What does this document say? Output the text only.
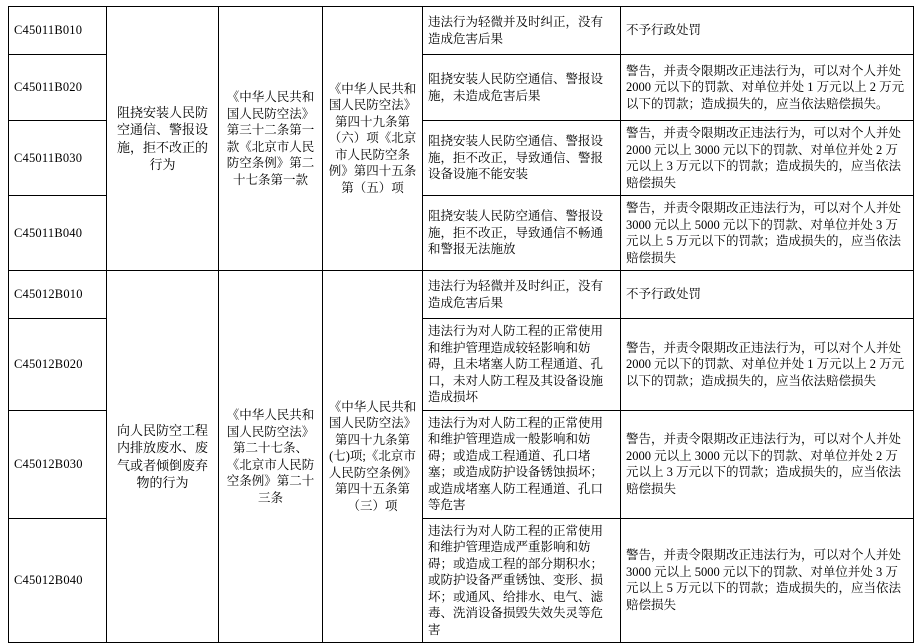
C45011B010	阻挠安装人民防空通信、警报设施，拒不改正的行为	《中华人民共和国人民防空法》第三十二条第一款《北京市人民防空条例》第二十七条第一款	《中华人民共和国人民防空法》第四十九条第（六）项《北京市人民防空条例》第四十五条第（五）项	违法行为轻微并及时纠正，没有造成危害后果	不予行政处罚
C45011B020				阻挠安装人民防空通信、警报设施，未造成危害后果	警告，并责令限期改正违法行为，可以对个人并处 2000 元以下的罚款、对单位并处 1 万元以上 2 万元以下的罚款；造成损失的，应当依法赔偿损失。
C45011B030				阻挠安装人民防空通信、警报设施，拒不改正，导致通信、警报设备设施不能安装	警告，并责令限期改正违法行为，可以对个人并处 2000 元以上 3000 元以下的罚款、对单位并处 2 万元以上 3 万元以下的罚款；造成损失的，应当依法赔偿损失
C45011B040				阻挠安装人民防空通信、警报设施，拒不改正，导致通信不畅通和警报无法施放	警告，并责令限期改正违法行为，可以对个人并处 3000 元以上 5000 元以下的罚款、对单位并处 3 万元以上 5 万元以下的罚款；造成损失的，应当依法赔偿损失
C45012B010	向人民防空工程内排放废水、废气或者倾倒废弃物的行为	《中华人民共和国人民防空法》第二十七条、《北京市人民防空条例》第二十三条	《中华人民共和国人民防空法》第四十九条第(七)项;《北京市人民防空条例》第四十五条第（三）项	违法行为轻微并及时纠正，没有造成危害后果	不予行政处罚
C45012B020				违法行为对人防工程的正常使用和维护管理造成较轻影响和妨碍，且未堵塞人防工程通道、孔口，未对人防工程及其设备设施造成损坏	警告，并责令限期改正违法行为，可以对个人并处 2000 元以下的罚款、对单位并处 1 万元以上 2 万元以下的罚款；造成损失的，应当依法赔偿损失
C45012B030				违法行为对人防工程的正常使用和维护管理造成一般影响和妨碍；或造成工程通道、孔口堵塞；或造成防护设备锈蚀损坏；或造成堵塞人防工程通道、孔口等危害	警告，并责令限期改正违法行为，可以对个人并处 2000 元以上 3000 元以下的罚款、对单位并处 2 万元以上 3 万元以下的罚款；造成损失的，应当依法赔偿损失
C45012B040				违法行为对人防工程的正常使用和维护管理造成严重影响和妨碍；或造成工程的部分期积水；或防护设备严重锈蚀、变形、损坏；或通风、给排水、电气、滤毒、洗消设备损毁失效失灵等危害	警告，并责令限期改正违法行为，可以对个人并处 3000 元以上 5000 元以下的罚款、对单位并处 3 万元以上 5 万元以下的罚款；造成损失的，应当依法赔偿损失
